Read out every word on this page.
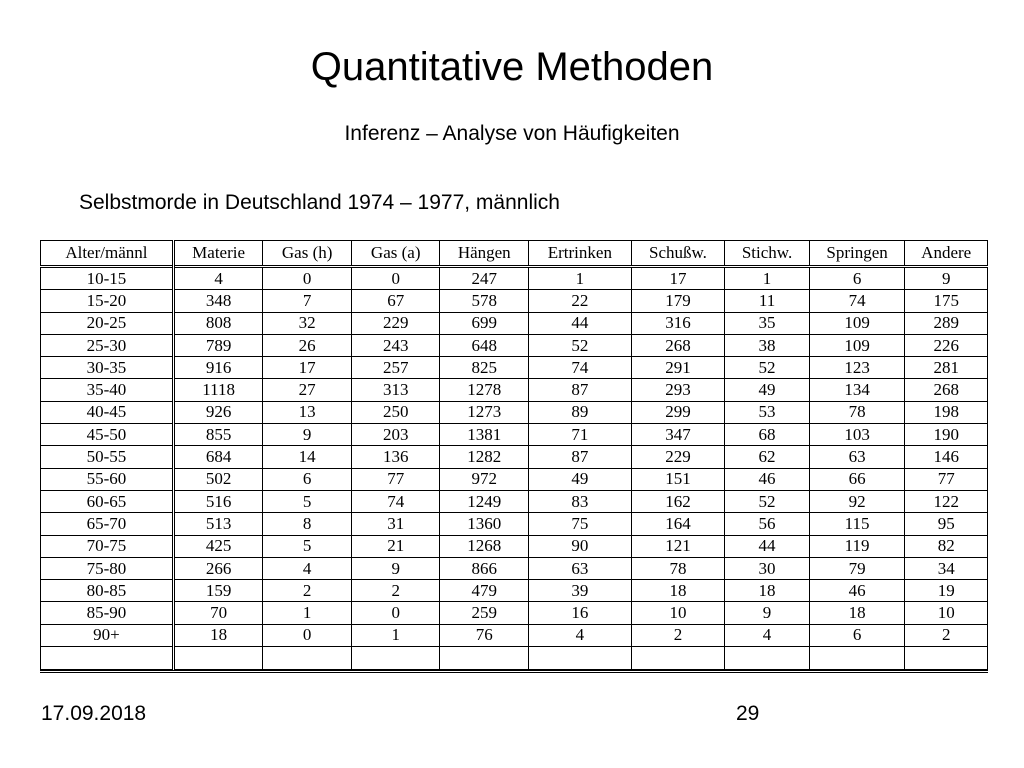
Quantitative Methoden
Inferenz – Analyse von Häufigkeiten
Selbstmorde in Deutschland 1974 – 1977, männlich
Alter/männl	Materie	Gas (h)	Gas (a)	Hängen	Ertrinken	Schußw.	Stichw.	Springen	Andere
10-15	4	0	0	247	1	17	1	6	9
15-20	348	7	67	578	22	179	11	74	175
20-25	808	32	229	699	44	316	35	109	289
25-30	789	26	243	648	52	268	38	109	226
30-35	916	17	257	825	74	291	52	123	281
35-40	1118	27	313	1278	87	293	49	134	268
40-45	926	13	250	1273	89	299	53	78	198
45-50	855	9	203	1381	71	347	68	103	190
50-55	684	14	136	1282	87	229	62	63	146
55-60	502	6	77	972	49	151	46	66	77
60-65	516	5	74	1249	83	162	52	92	122
65-70	513	8	31	1360	75	164	56	115	95
70-75	425	5	21	1268	90	121	44	119	82
75-80	266	4	9	866	63	78	30	79	34
80-85	159	2	2	479	39	18	18	46	19
85-90	70	1	0	259	16	10	9	18	10
90+	18	0	1	76	4	2	4	6	2

17.09.2018	29
